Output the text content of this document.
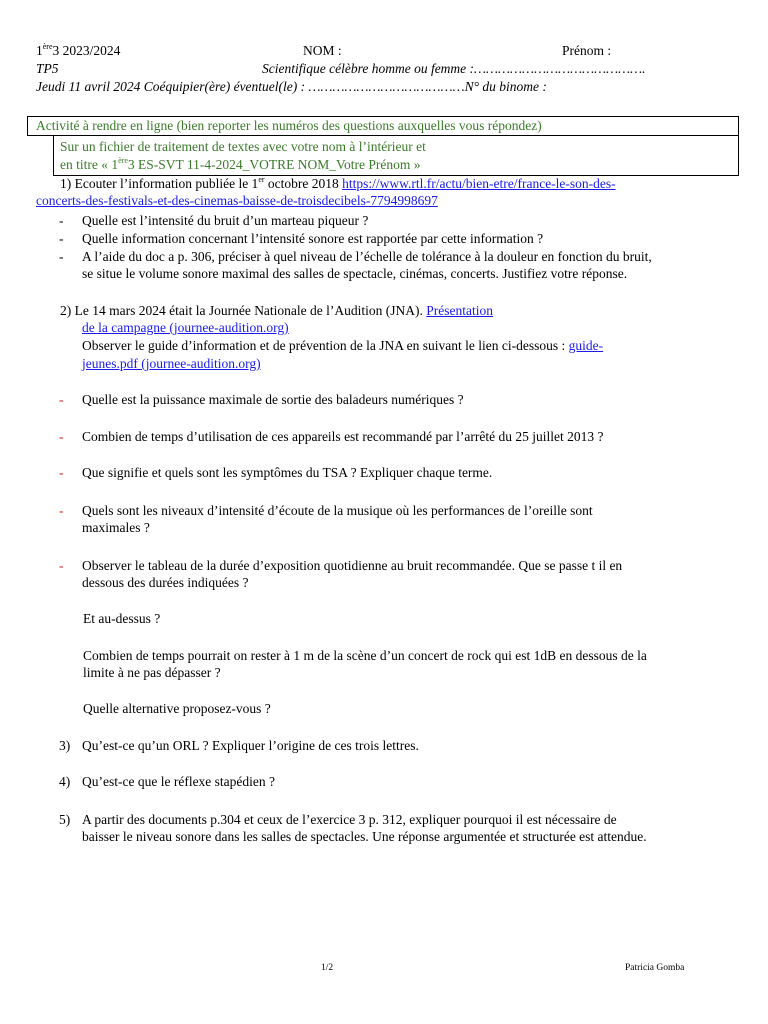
1ère3 2023/2024	NOM :	Prénom :
TP5	Scientifique célèbre homme ou femme :…………………………………….
Jeudi 11 avril 2024 Coéquipier(ère) éventuel(le) : …………………………………N° du binome :
Activité à rendre en ligne (bien reporter les numéros des questions auxquelles vous répondez)
Sur un fichier de traitement de textes avec votre nom à l’intérieur et
en titre « 1ère3 ES-SVT 11-4-2024_VOTRE NOM_Votre Prénom »
1) Ecouter l’information publiée le 1er octobre 2018 https://www.rtl.fr/actu/bien-etre/france-le-son-des-
concerts-des-festivals-et-des-cinemas-baisse-de-troisdecibels-7794998697
- Quelle est l’intensité du bruit d’un marteau piqueur ?
- Quelle information concernant l’intensité sonore est rapportée par cette information ?
- A l’aide du doc a p. 306, préciser à quel niveau de l’échelle de tolérance à la douleur en fonction du bruit,
se situe le volume sonore maximal des salles de spectacle, cinémas, concerts. Justifiez votre réponse.
2) Le 14 mars 2024 était la Journée Nationale de l’Audition (JNA). Présentation
de la campagne (journee-audition.org)
Observer le guide d’information et de prévention de la JNA en suivant le lien ci-dessous : guide-
jeunes.pdf (journee-audition.org)
- Quelle est la puissance maximale de sortie des baladeurs numériques ?
- Combien de temps d’utilisation de ces appareils est recommandé par l’arrêté du 25 juillet 2013 ?
- Que signifie et quels sont les symptômes du TSA ? Expliquer chaque terme.
- Quels sont les niveaux d’intensité d’écoute de la musique où les performances de l’oreille sont
maximales ?
- Observer le tableau de la durée d’exposition quotidienne au bruit recommandée. Que se passe t il en
dessous des durées indiquées ?
Et au-dessus ?
Combien de temps pourrait on rester à 1 m de la scène d’un concert de rock qui est 1dB en dessous de la
limite à ne pas dépasser ?
Quelle alternative proposez-vous ?
3) Qu’est-ce qu’un ORL ? Expliquer l’origine de ces trois lettres.
4) Qu’est-ce que le réflexe stapédien ?
5) A partir des documents p.304 et ceux de l’exercice 3 p. 312, expliquer pourquoi il est nécessaire de
baisser le niveau sonore dans les salles de spectacles. Une réponse argumentée et structurée est attendue.
1/2	Patricia Gomba
